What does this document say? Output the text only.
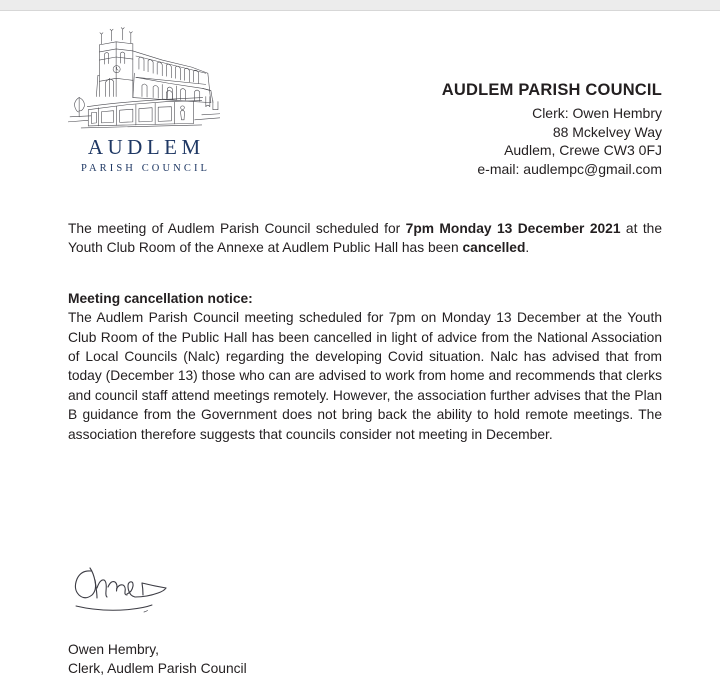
AUDLEM
PARISH COUNCIL
AUDLEM PARISH COUNCIL
Clerk: Owen Hembry
88 Mckelvey Way
Audlem, Crewe CW3 0FJ
e-mail: audlempc@gmail.com

The meeting of Audlem Parish Council scheduled for 7pm Monday 13 December 2021 at the Youth Club Room of the Annexe at Audlem Public Hall has been cancelled.

Meeting cancellation notice:

The Audlem Parish Council meeting scheduled for 7pm on Monday 13 December at the Youth Club Room of the Public Hall has been cancelled in light of advice from the National Association of Local Councils (Nalc) regarding the developing Covid situation. Nalc has advised that from today (December 13) those who can are advised to work from home and recommends that clerks and council staff attend meetings remotely. However, the association further advises that the Plan B guidance from the Government does not bring back the ability to hold remote meetings. The association therefore suggests that councils consider not meeting in December.

Owen Hembry,
Clerk, Audlem Parish Council
